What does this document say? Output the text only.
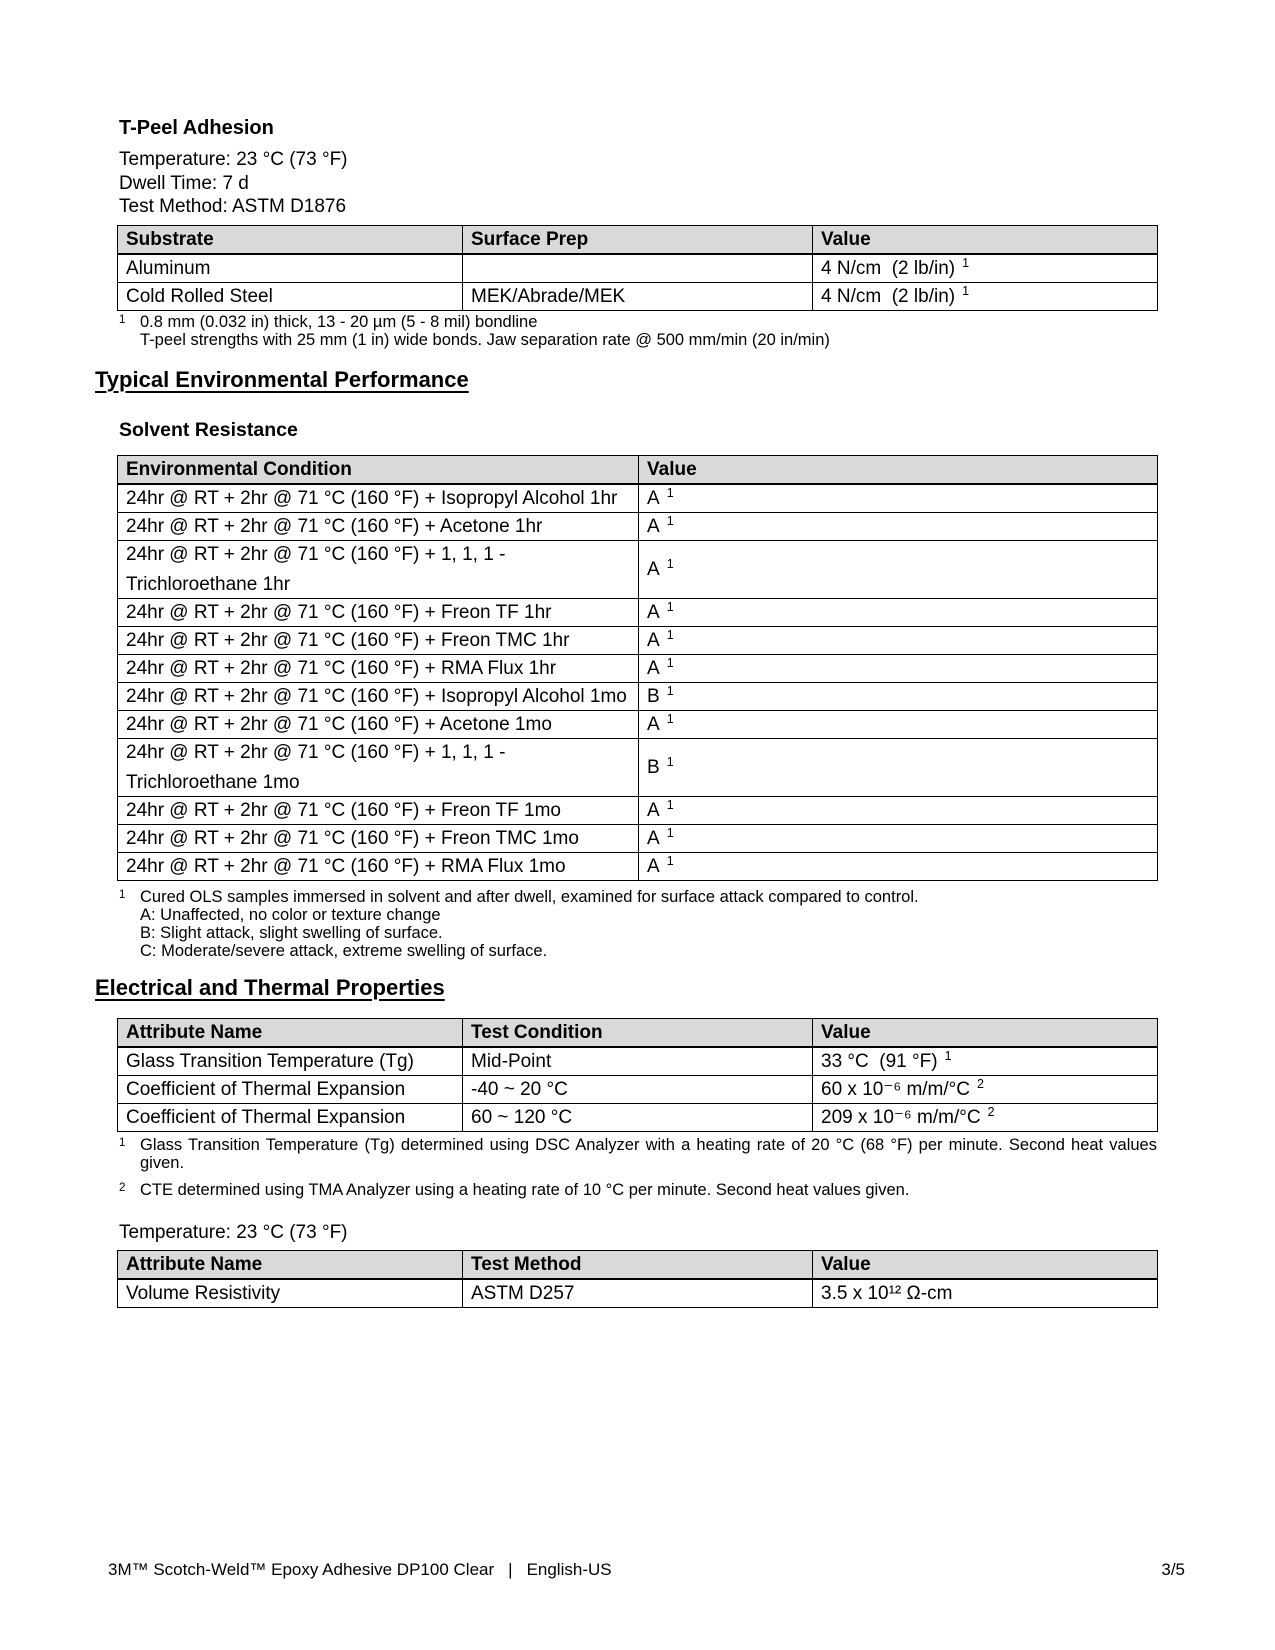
T-Peel Adhesion
Temperature: 23 °C (73 °F)
Dwell Time: 7 d
Test Method: ASTM D1876
Substrate	Surface Prep	Value
Aluminum		4 N/cm  (2 lb/in) $^1$
Cold Rolled Steel	MEK/Abrade/MEK	4 N/cm  (2 lb/in) $^1$
1 0.8 mm (0.032 in) thick, 13 - 20 µm (5 - 8 mil) bondline
T-peel strengths with 25 mm (1 in) wide bonds. Jaw separation rate @ 500 mm/min (20 in/min)
Typical Environmental Performance
Solvent Resistance
Environmental Condition	Value
24hr @ RT + 2hr @ 71 °C (160 °F) + Isopropyl Alcohol 1hr	A $^1$
24hr @ RT + 2hr @ 71 °C (160 °F) + Acetone 1hr	A $^1$

24hr @ RT + 2hr @ 71 °C (160 °F) + 1, 1, 1 -
Trichloroethane 1hr	A $^1$
24hr @ RT + 2hr @ 71 °C (160 °F) + Freon TF 1hr	A $^1$
24hr @ RT + 2hr @ 71 °C (160 °F) + Freon TMC 1hr	A $^1$
24hr @ RT + 2hr @ 71 °C (160 °F) + RMA Flux 1hr	A $^1$
24hr @ RT + 2hr @ 71 °C (160 °F) + Isopropyl Alcohol 1mo	B $^1$
24hr @ RT + 2hr @ 71 °C (160 °F) + Acetone 1mo	A $^1$

24hr @ RT + 2hr @ 71 °C (160 °F) + 1, 1, 1 -
Trichloroethane 1mo	B $^1$
24hr @ RT + 2hr @ 71 °C (160 °F) + Freon TF 1mo	A $^1$
24hr @ RT + 2hr @ 71 °C (160 °F) + Freon TMC 1mo	A $^1$
24hr @ RT + 2hr @ 71 °C (160 °F) + RMA Flux 1mo	A $^1$
1 Cured OLS samples immersed in solvent and after dwell, examined for surface attack compared to control.
A: Unaffected, no color or texture change
B: Slight attack, slight swelling of surface.
C: Moderate/severe attack, extreme swelling of surface.
Electrical and Thermal Properties
Attribute Name	Test Condition	Value
Glass Transition Temperature (Tg)	Mid-Point	33 °C  (91 °F) $^1$
Coefficient of Thermal Expansion	-40 ~ 20 °C	60 x 10⁻⁶ m/m/°C $^2$
Coefficient of Thermal Expansion	60 ~ 120 °C	209 x 10⁻⁶ m/m/°C $^2$
1 Glass Transition Temperature (Tg) determined using DSC Analyzer with a heating rate of 20 °C (68 °F) per minute. Second heat values given.
2 CTE determined using TMA Analyzer using a heating rate of 10 °C per minute. Second heat values given.
Temperature: 23 °C (73 °F)
Attribute Name	Test Method	Value
Volume Resistivity	ASTM D257	3.5 x 10¹² Ω-cm
3M™ Scotch-Weld™ Epoxy Adhesive DP100 Clear | English-US	3/5
